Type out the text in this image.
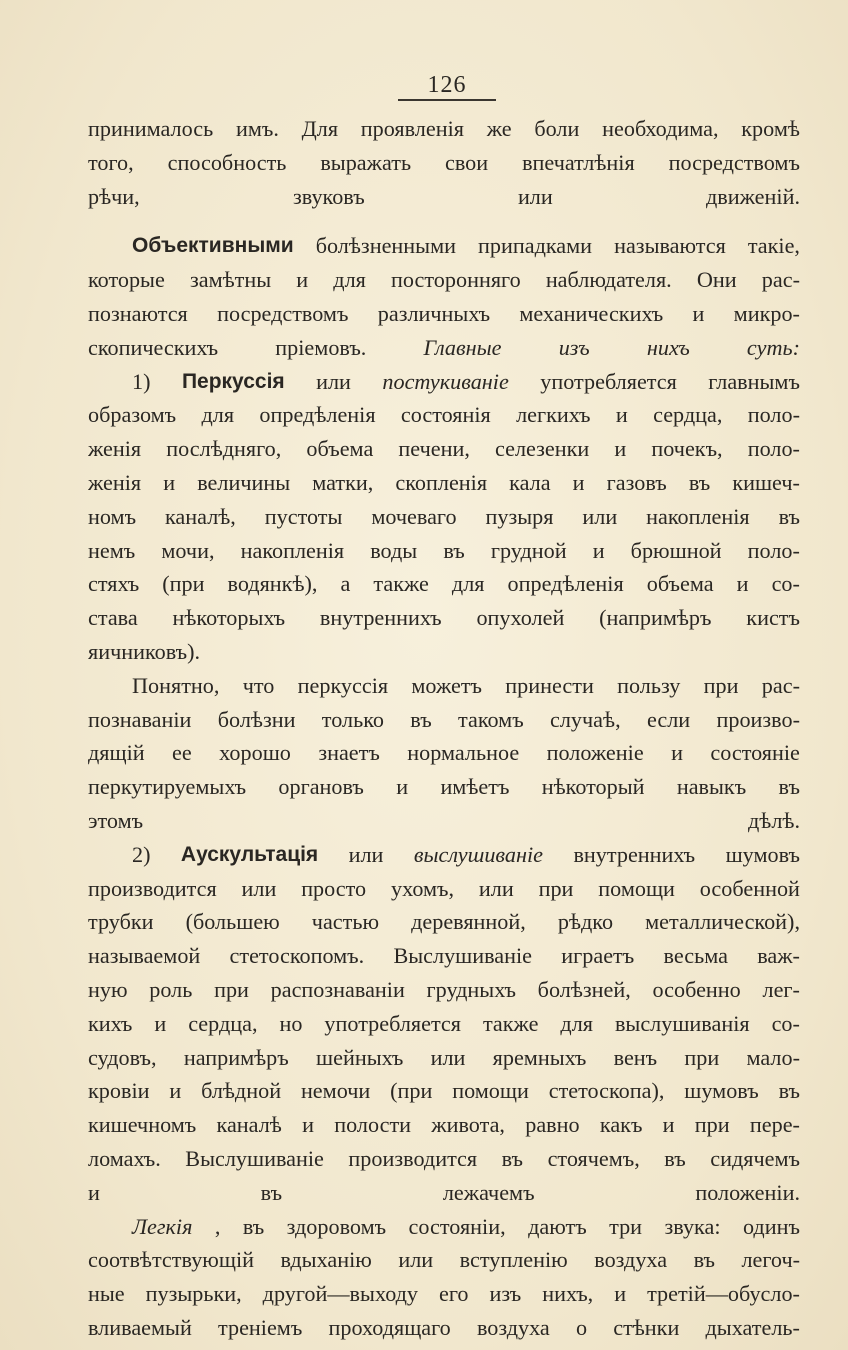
126
принималось имъ. Для проявленія же боли необходима, кромѣ
того, способность выражать свои впечатлѣнія посредствомъ
рѣчи, звуковъ или движеній.
Объективными болѣзненными припадками называются такіе,
которые замѣтны и для посторонняго наблюдателя. Они рас-
познаются посредствомъ различныхъ механическихъ и микро-
скопическихъ пріемовъ. Главные изъ нихъ суть:
1) Перкуссія или постукиваніе употребляется главнымъ
образомъ для опредѣленія состоянія легкихъ и сердца, поло-
женія послѣдняго, объема печени, селезенки и почекъ, поло-
женія и величины матки, скопленія кала и газовъ въ кишеч-
номъ каналѣ, пустоты мочеваго пузыря или накопленія въ
немъ мочи, накопленія воды въ грудной и брюшной поло-
стяхъ (при водянкѣ), а также для опредѣленія объема и со-
става нѣкоторыхъ внутреннихъ опухолей (напримѣръ кистъ
яичниковъ).
Понятно, что перкуссія можетъ принести пользу при рас-
познаваніи болѣзни только въ такомъ случаѣ, если произво-
дящій ее хорошо знаетъ нормальное положеніе и состояніе
перкутируемыхъ органовъ и имѣетъ нѣкоторый навыкъ въ
этомъ дѣлѣ.
2) Аускультація или выслушиваніе внутреннихъ шумовъ
производится или просто ухомъ, или при помощи особенной
трубки (большею частью деревянной, рѣдко металлической),
называемой стетоскопомъ. Выслушиваніе играетъ весьма важ-
ную роль при распознаваніи грудныхъ болѣзней, особенно лег-
кихъ и сердца, но употребляется также для выслушиванія со-
судовъ, напримѣръ шейныхъ или яремныхъ венъ при мало-
кровіи и блѣдной немочи (при помощи стетоскопа), шумовъ въ
кишечномъ каналѣ и полости живота, равно какъ и при пере-
ломахъ. Выслушиваніе производится въ стоячемъ, въ сидячемъ
и въ лежачемъ положеніи.
Легкія , въ здоровомъ состояніи, даютъ три звука: одинъ
соотвѣтствующій вдыханію или вступленію воздуха въ легоч-
ные пузырьки, другой—выходу его изъ нихъ, и третій—обусло-
вливаемый треніемъ проходящаго воздуха о стѣнки дыхатель-
